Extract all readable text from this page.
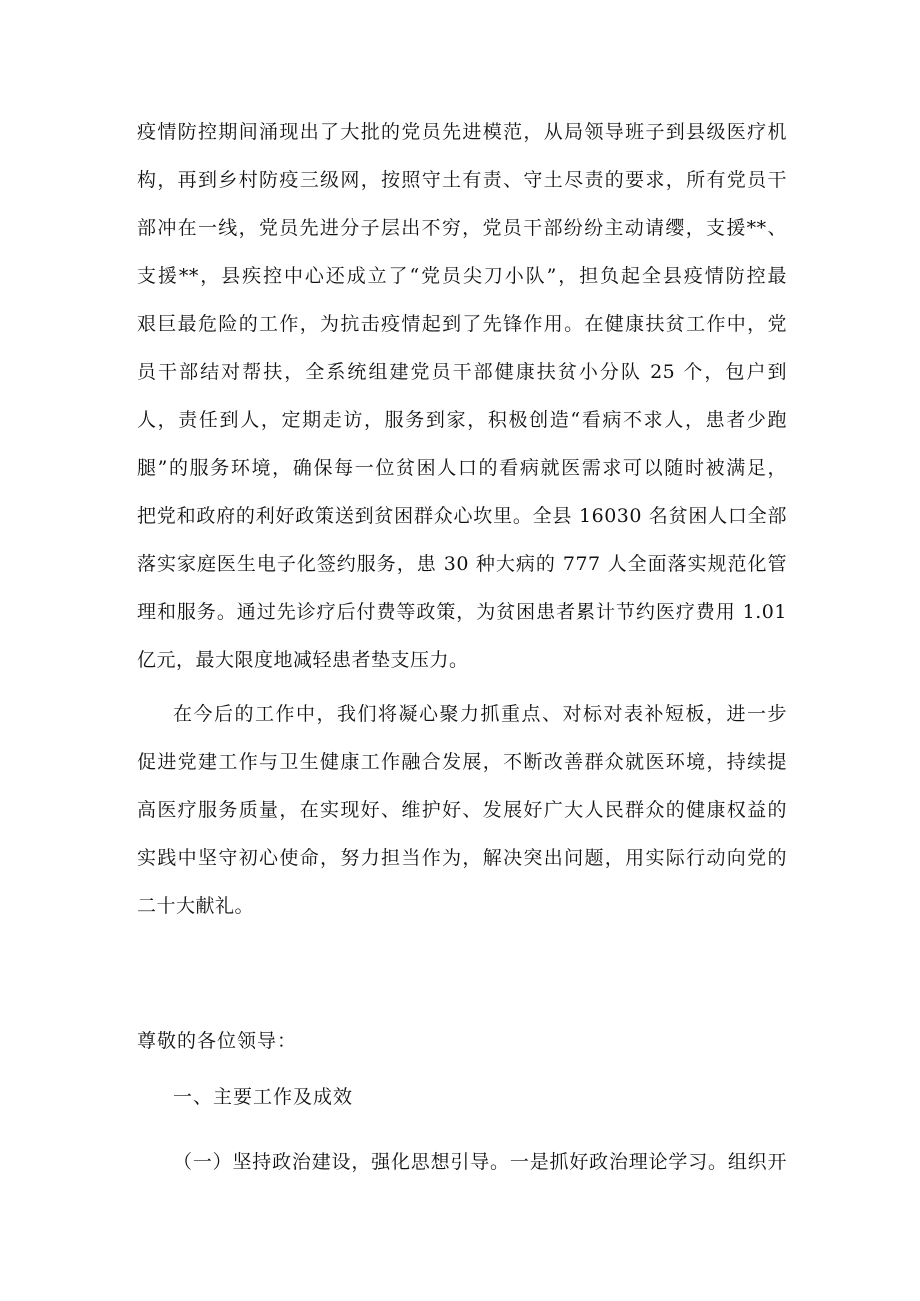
疫情防控期间涌现出了大批的党员先进模范，从局领导班子到县级医疗机
构，再到乡村防疫三级网，按照守土有责、守土尽责的要求，所有党员干
部冲在一线，党员先进分子层出不穷，党员干部纷纷主动请缨，支援**、
支援**，县疾控中心还成立了“党员尖刀小队”，担负起全县疫情防控最
艰巨最危险的工作，为抗击疫情起到了先锋作用。在健康扶贫工作中，党
员干部结对帮扶，全系统组建党员干部健康扶贫小分队 25 个，包户到
人，责任到人，定期走访，服务到家，积极创造“看病不求人，患者少跑
腿”的服务环境，确保每一位贫困人口的看病就医需求可以随时被满足，
把党和政府的利好政策送到贫困群众心坎里。全县 16030 名贫困人口全部
落实家庭医生电子化签约服务，患 30 种大病的 777 人全面落实规范化管
理和服务。通过先诊疗后付费等政策，为贫困患者累计节约医疗费用 1.01
亿元，最大限度地减轻患者垫支压力。
在今后的工作中，我们将凝心聚力抓重点、对标对表补短板，进一步
促进党建工作与卫生健康工作融合发展，不断改善群众就医环境，持续提
高医疗服务质量，在实现好、维护好、发展好广大人民群众的健康权益的
实践中坚守初心使命，努力担当作为，解决突出问题，用实际行动向党的
二十大献礼。
尊敬的各位领导：
一、主要工作及成效
（一）坚持政治建设，强化思想引导。一是抓好政治理论学习。组织开
